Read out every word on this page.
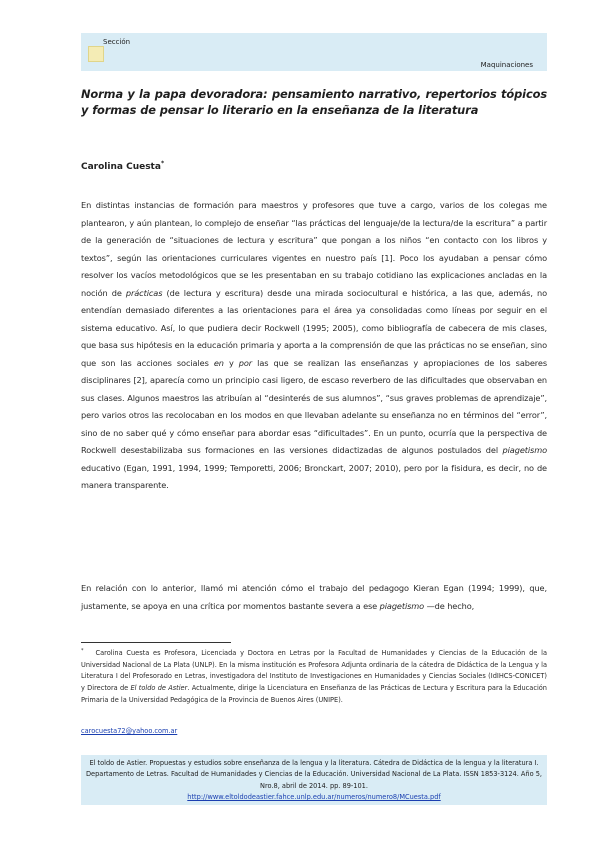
Sección
Maquinaciones
Norma y la papa devoradora: pensamiento narrativo, repertorios tópicos y formas de pensar lo literario en la enseñanza de la literatura
Carolina Cuesta*
En distintas instancias de formación para maestros y profesores que tuve a cargo, varios de los colegas me plantearon, y aún plantean, lo complejo de enseñar “las prácticas del lenguaje/de la lectura/de la escritura” a partir de la generación de “situaciones de lectura y escritura” que pongan a los niños “en contacto con los libros y textos”, según las orientaciones curriculares vigentes en nuestro país [1]. Poco los ayudaban a pensar cómo resolver los vacíos metodológicos que se les presentaban en su trabajo cotidiano las explicaciones ancladas en la noción de prácticas (de lectura y escritura) desde una mirada sociocultural e histórica, a las que, además, no entendían demasiado diferentes a las orientaciones para el área ya consolidadas como líneas por seguir en el sistema educativo. Así, lo que pudiera decir Rockwell (1995; 2005), como bibliografía de cabecera de mis clases, que basa sus hipótesis en la educación primaria y aporta a la comprensión de que las prácticas no se enseñan, sino que son las acciones sociales en y por las que se realizan las enseñanzas y apropiaciones de los saberes disciplinares [2], aparecía como un principio casi ligero, de escaso reverbero de las dificultades que observaban en sus clases. Algunos maestros las atribuían al “desinterés de sus alumnos”, “sus graves problemas de aprendizaje”, pero varios otros las recolocaban en los modos en que llevaban adelante su enseñanza no en términos del “error”, sino de no saber qué y cómo enseñar para abordar esas “dificultades”. En un punto, ocurría que la perspectiva de Rockwell desestabilizaba sus formaciones en las versiones didactizadas de algunos postulados del piagetismo educativo (Egan, 1991, 1994, 1999; Temporetti, 2006; Bronckart, 2007; 2010), pero por la fisidura, es decir, no de manera transparente.
En relación con lo anterior, llamó mi atención cómo el trabajo del pedagogo Kieran Egan (1994; 1999), que, justamente, se apoya en una crítica por momentos bastante severa a ese piagetismo —de hecho,
* Carolina Cuesta es Profesora, Licenciada y Doctora en Letras por la Facultad de Humanidades y Ciencias de la Educación de la Universidad Nacional de La Plata (UNLP). En la misma institución es Profesora Adjunta ordinaria de la cátedra de Didáctica de la Lengua y la Literatura I del Profesorado en Letras, investigadora del Instituto de Investigaciones en Humanidades y Ciencias Sociales (IdIHCS-CONICET) y Directora de El toldo de Astier. Actualmente, dirige la Licenciatura en Enseñanza de las Prácticas de Lectura y Escritura para la Educación Primaria de la Universidad Pedagógica de la Provincia de Buenos Aires (UNIPE).
carocuesta72@yahoo.com.ar
El toldo de Astier. Propuestas y estudios sobre enseñanza de la lengua y la literatura. Cátedra de Didáctica de la lengua y la literatura I. Departamento de Letras. Facultad de Humanidades y Ciencias de la Educación. Universidad Nacional de La Plata. ISSN 1853-3124. Año 5, Nro.8, abril de 2014. pp. 89-101.
http://www.eltoldodeastier.fahce.unlp.edu.ar/numeros/numero8/MCuesta.pdf
